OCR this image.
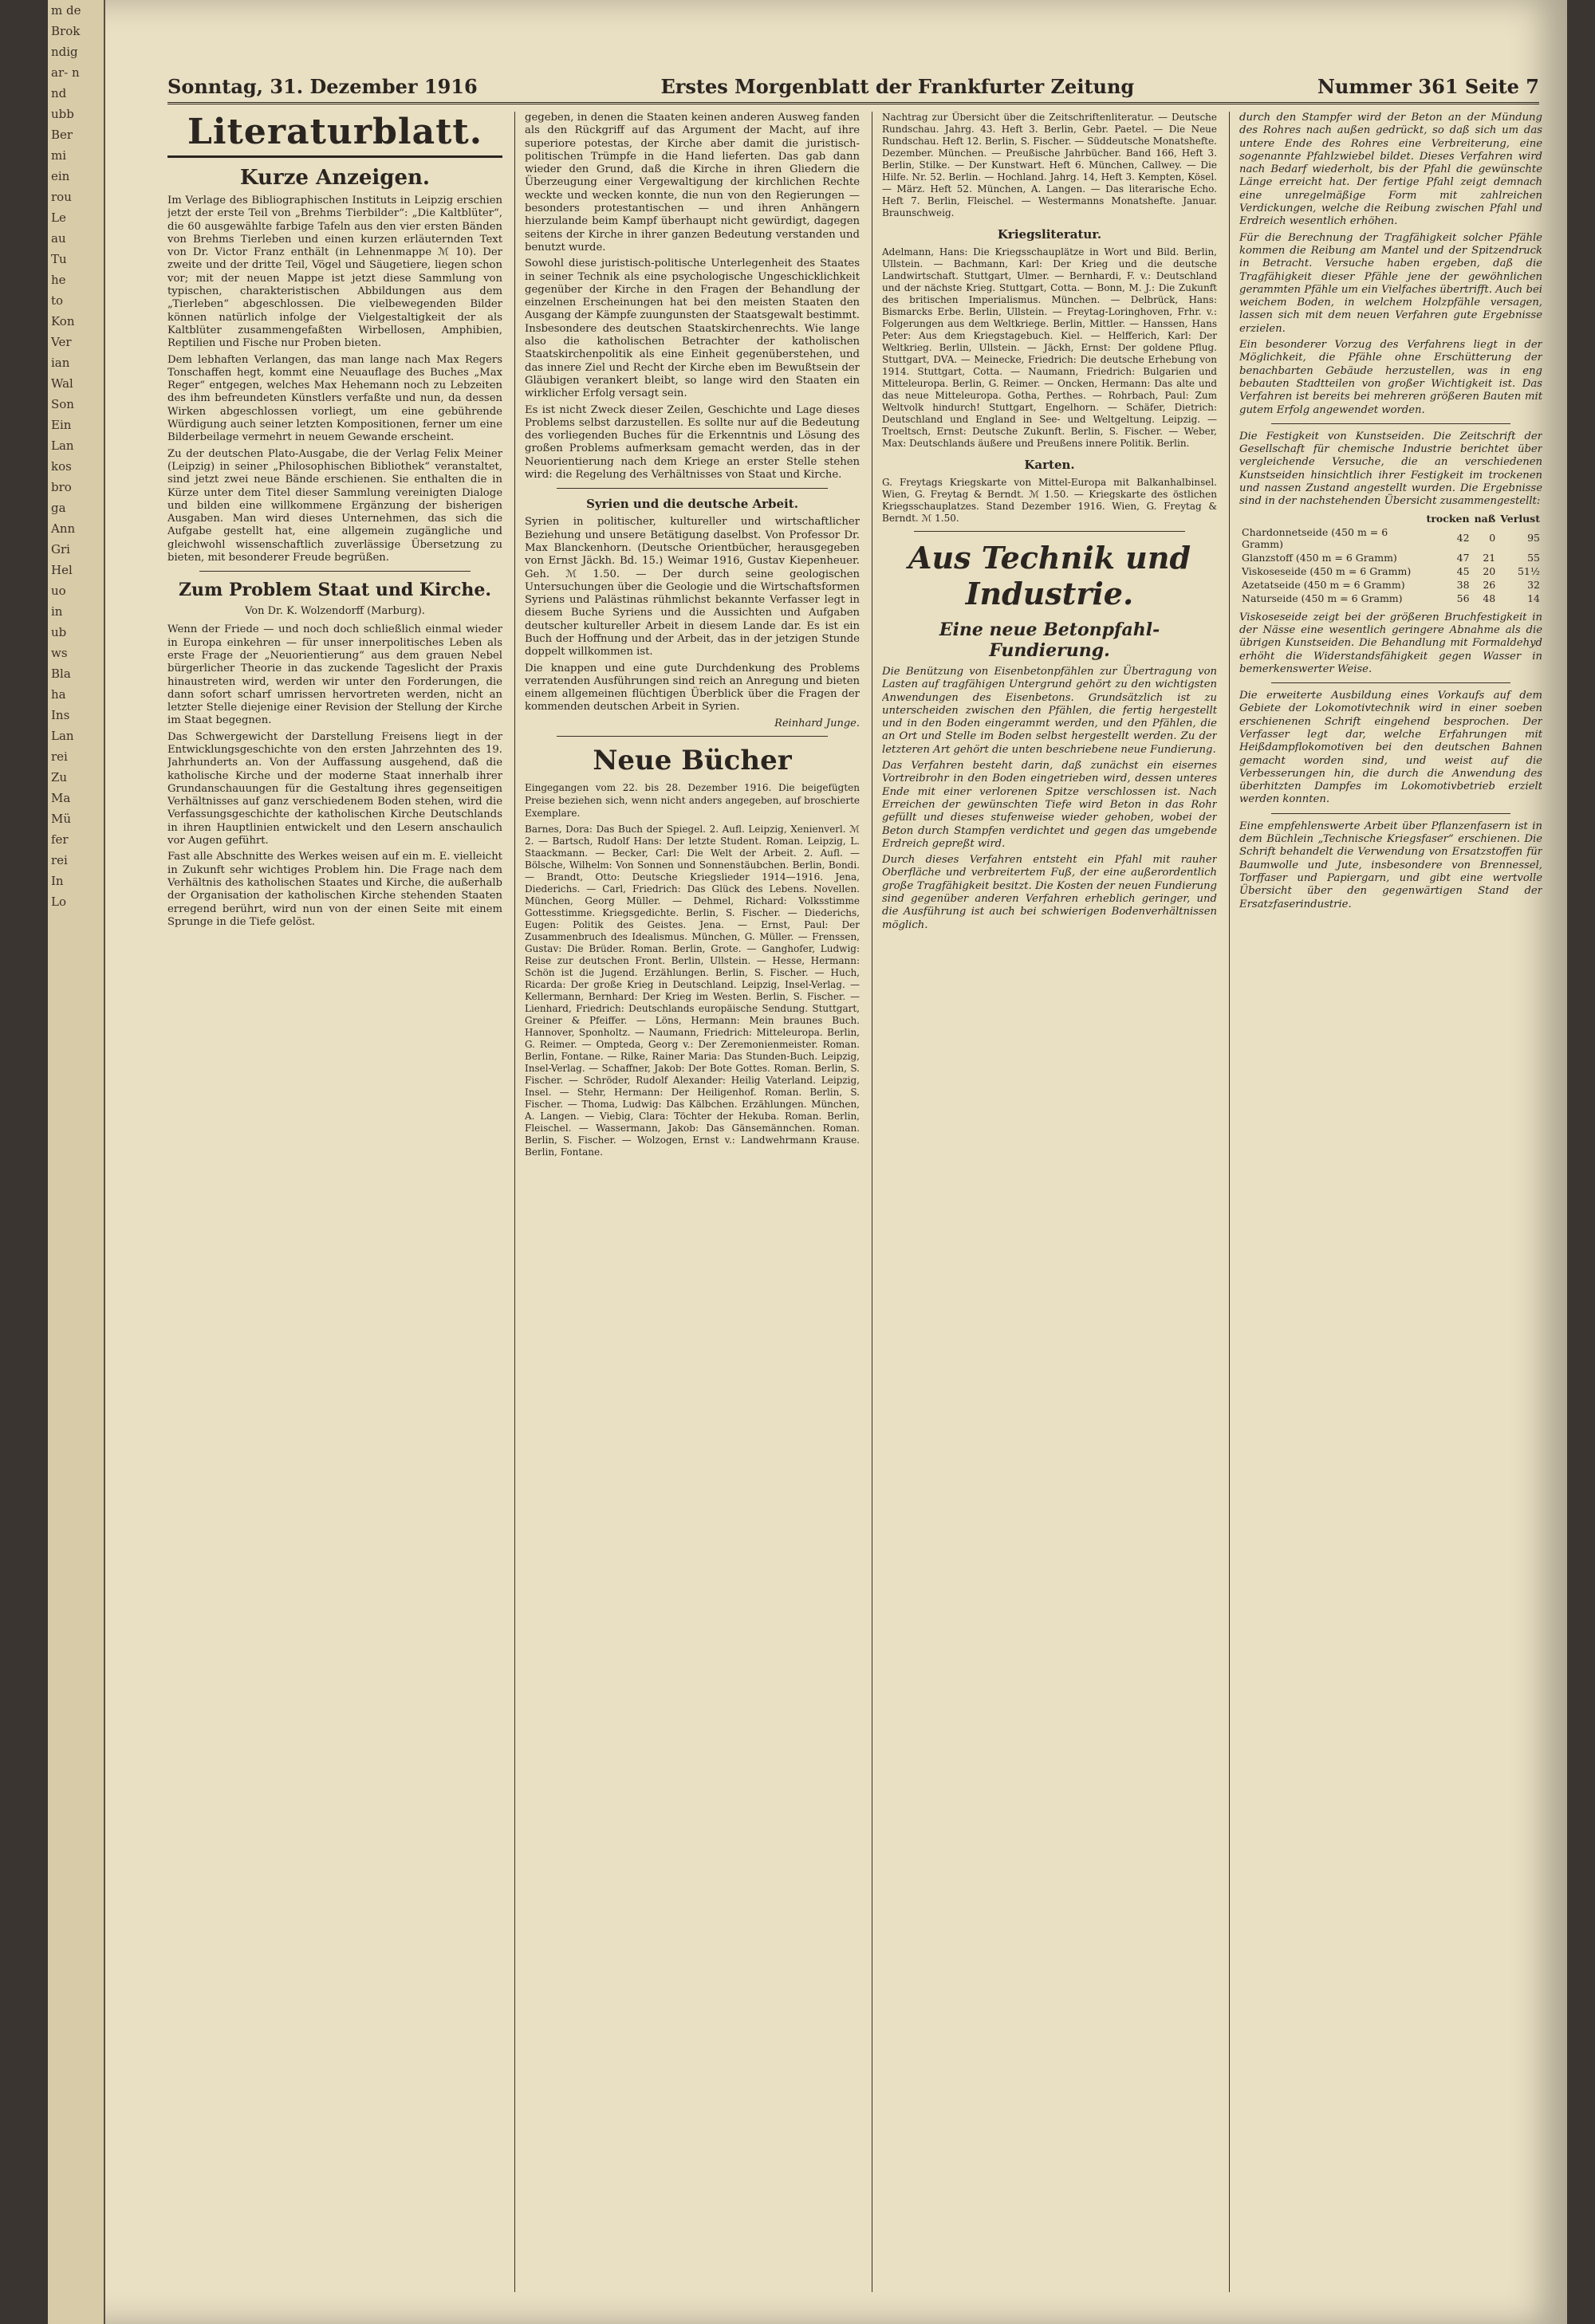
m de
Brok
ndig
ar- n
nd
ubb
Ber
mi
ein
rou
Le
au
Tu
he
to
Kon
Ver
ian
Wal
Son
Ein
Lan
kos
bro
ga
Ann
Gri
Hel
uo
in
ub
ws
Bla
ha
Ins
Lan
rei
Zu
Ma
Mü
fer
rei
In
Lo
Sonntag, 31. Dezember 1916	Erstes Morgenblatt der Frankfurter Zeitung	Nummer 361 Seite 7
Literaturblatt.
Kurze Anzeigen.

Im Verlage des Bibliographischen Instituts in Leipzig erschien jetzt der erste Teil von „Brehms Tierbilder“: „Die Kaltblüter“, die 60 ausgewählte farbige Tafeln aus den vier ersten Bänden von Brehms Tierleben und einen kurzen erläuternden Text von Dr. Victor Franz enthält (in Lehnenmappe ℳ 10). Der zweite und der dritte Teil, Vögel und Säugetiere, liegen schon vor; mit der neuen Mappe ist jetzt diese Sammlung von typischen, charakteristischen Abbildungen aus dem „Tierleben“ abgeschlossen. Die vielbewegenden Bilder können natürlich infolge der Vielgestaltigkeit der als Kaltblüter zusammengefaßten Wirbellosen, Amphibien, Reptilien und Fische nur Proben bieten.

Dem lebhaften Verlangen, das man lange nach Max Regers Tonschaffen hegt, kommt eine Neuauflage des Buches „Max Reger“ entgegen, welches Max Hehemann noch zu Lebzeiten des ihm befreundeten Künstlers verfaßte und nun, da dessen Wirken abgeschlossen vorliegt, um eine gebührende Würdigung auch seiner letzten Kompositionen, ferner um eine Bilderbeilage vermehrt in neuem Gewande erscheint.

Zu der deutschen Plato-Ausgabe, die der Verlag Felix Meiner (Leipzig) in seiner „Philosophischen Bibliothek“ veranstaltet, sind jetzt zwei neue Bände erschienen. Sie enthalten die in Kürze unter dem Titel dieser Sammlung vereinigten Dialoge und bilden eine willkommene Ergänzung der bisherigen Ausgaben. Man wird dieses Unternehmen, das sich die Aufgabe gestellt hat, eine allgemein zugängliche und gleichwohl wissenschaftlich zuverlässige Übersetzung zu bieten, mit besonderer Freude begrüßen.

Zum Problem Staat und Kirche.
Von Dr. K. Wolzendorff (Marburg).

Wenn der Friede — und noch doch schließlich einmal wieder in Europa einkehren — für unser innerpolitisches Leben als erste Frage der „Neuorientierung“ aus dem grauen Nebel bürgerlicher Theorie in das zuckende Tageslicht der Praxis hinaustreten wird, werden wir unter den Forderungen, die dann sofort scharf umrissen hervortreten werden, nicht an letzter Stelle diejenige einer Revision der Stellung der Kirche im Staat begegnen.

Das Schwergewicht der Darstellung Freisens liegt in der Entwicklungsgeschichte von den ersten Jahrzehnten des 19. Jahrhunderts an. Von der Auffassung ausgehend, daß die katholische Kirche und der moderne Staat innerhalb ihrer Grundanschauungen für die Gestaltung ihres gegenseitigen Verhältnisses auf ganz verschiedenem Boden stehen, wird die Verfassungsgeschichte der katholischen Kirche Deutschlands in ihren Hauptlinien entwickelt und den Lesern anschaulich vor Augen geführt.

Fast alle Abschnitte des Werkes weisen auf ein m. E. vielleicht in Zukunft sehr wichtiges Problem hin. Die Frage nach dem Verhältnis des katholischen Staates und Kirche, die außerhalb der Organisation der katholischen Kirche stehenden Staaten erregend berührt, wird nun von der einen Seite mit einem Sprunge in die Tiefe gelöst.

gegeben, in denen die Staaten keinen anderen Ausweg fanden als den Rückgriff auf das Argument der Macht, auf ihre superiore potestas, der Kirche aber damit die juristisch-politischen Trümpfe in die Hand lieferten. Das gab dann wieder den Grund, daß die Kirche in ihren Gliedern die Überzeugung einer Vergewaltigung der kirchlichen Rechte weckte und wecken konnte, die nun von den Regierungen — besonders protestantischen — und ihren Anhängern hierzulande beim Kampf überhaupt nicht gewürdigt, dagegen seitens der Kirche in ihrer ganzen Bedeutung verstanden und benutzt wurde.

Sowohl diese juristisch-politische Unterlegenheit des Staates in seiner Technik als eine psychologische Ungeschicklichkeit gegenüber der Kirche in den Fragen der Behandlung der einzelnen Erscheinungen hat bei den meisten Staaten den Ausgang der Kämpfe zuungunsten der Staatsgewalt bestimmt. Insbesondere des deutschen Staatskirchenrechts. Wie lange also die katholischen Betrachter der katholischen Staatskirchenpolitik als eine Einheit gegenüberstehen, und das innere Ziel und Recht der Kirche eben im Bewußtsein der Gläubigen verankert bleibt, so lange wird den Staaten ein wirklicher Erfolg versagt sein.

Es ist nicht Zweck dieser Zeilen, Geschichte und Lage dieses Problems selbst darzustellen. Es sollte nur auf die Bedeutung des vorliegenden Buches für die Erkenntnis und Lösung des großen Problems aufmerksam gemacht werden, das in der Neuorientierung nach dem Kriege an erster Stelle stehen wird: die Regelung des Verhältnisses von Staat und Kirche.

Syrien und die deutsche Arbeit.

Syrien in politischer, kultureller und wirtschaftlicher Beziehung und unsere Betätigung daselbst. Von Professor Dr. Max Blanckenhorn. (Deutsche Orientbücher, herausgegeben von Ernst Jäckh. Bd. 15.) Weimar 1916, Gustav Kiepenheuer. Geh. ℳ 1.50. — Der durch seine geologischen Untersuchungen über die Geologie und die Wirtschaftsformen Syriens und Palästinas rühmlichst bekannte Verfasser legt in diesem Buche Syriens und die Aussichten und Aufgaben deutscher kultureller Arbeit in diesem Lande dar. Es ist ein Buch der Hoffnung und der Arbeit, das in der jetzigen Stunde doppelt willkommen ist.

Die knappen und eine gute Durchdenkung des Problems verratenden Ausführungen sind reich an Anregung und bieten einem allgemeinen flüchtigen Überblick über die Fragen der kommenden deutschen Arbeit in Syrien.

Reinhard Junge.
Neue Bücher

Eingegangen vom 22. bis 28. Dezember 1916. Die beigefügten Preise beziehen sich, wenn nicht anders angegeben, auf broschierte Exemplare.

Barnes, Dora: Das Buch der Spiegel. 2. Aufl. Leipzig, Xenienverl. ℳ 2. — Bartsch, Rudolf Hans: Der letzte Student. Roman. Leipzig, L. Staackmann. — Becker, Carl: Die Welt der Arbeit. 2. Aufl. — Bölsche, Wilhelm: Von Sonnen und Sonnenstäubchen. Berlin, Bondi. — Brandt, Otto: Deutsche Kriegslieder 1914—1916. Jena, Diederichs. — Carl, Friedrich: Das Glück des Lebens. Novellen. München, Georg Müller. — Dehmel, Richard: Volksstimme Gottesstimme. Kriegsgedichte. Berlin, S. Fischer. — Diederichs, Eugen: Politik des Geistes. Jena. — Ernst, Paul: Der Zusammenbruch des Idealismus. München, G. Müller. — Frenssen, Gustav: Die Brüder. Roman. Berlin, Grote. — Ganghofer, Ludwig: Reise zur deutschen Front. Berlin, Ullstein. — Hesse, Hermann: Schön ist die Jugend. Erzählungen. Berlin, S. Fischer. — Huch, Ricarda: Der große Krieg in Deutschland. Leipzig, Insel-Verlag. — Kellermann, Bernhard: Der Krieg im Westen. Berlin, S. Fischer. — Lienhard, Friedrich: Deutschlands europäische Sendung. Stuttgart, Greiner & Pfeiffer. — Löns, Hermann: Mein braunes Buch. Hannover, Sponholtz. — Naumann, Friedrich: Mitteleuropa. Berlin, G. Reimer. — Ompteda, Georg v.: Der Zeremonienmeister. Roman. Berlin, Fontane. — Rilke, Rainer Maria: Das Stunden-Buch. Leipzig, Insel-Verlag. — Schaffner, Jakob: Der Bote Gottes. Roman. Berlin, S. Fischer. — Schröder, Rudolf Alexander: Heilig Vaterland. Leipzig, Insel. — Stehr, Hermann: Der Heiligenhof. Roman. Berlin, S. Fischer. — Thoma, Ludwig: Das Kälbchen. Erzählungen. München, A. Langen. — Viebig, Clara: Töchter der Hekuba. Roman. Berlin, Fleischel. — Wassermann, Jakob: Das Gänsemännchen. Roman. Berlin, S. Fischer. — Wolzogen, Ernst v.: Landwehrmann Krause. Berlin, Fontane.

Nachtrag zur Übersicht über die Zeitschriftenliteratur. — Deutsche Rundschau. Jahrg. 43. Heft 3. Berlin, Gebr. Paetel. — Die Neue Rundschau. Heft 12. Berlin, S. Fischer. — Süddeutsche Monatshefte. Dezember. München. — Preußische Jahrbücher. Band 166, Heft 3. Berlin, Stilke. — Der Kunstwart. Heft 6. München, Callwey. — Die Hilfe. Nr. 52. Berlin. — Hochland. Jahrg. 14, Heft 3. Kempten, Kösel. — März. Heft 52. München, A. Langen. — Das literarische Echo. Heft 7. Berlin, Fleischel. — Westermanns Monatshefte. Januar. Braunschweig.

Kriegsliteratur.

Adelmann, Hans: Die Kriegsschauplätze in Wort und Bild. Berlin, Ullstein. — Bachmann, Karl: Der Krieg und die deutsche Landwirtschaft. Stuttgart, Ulmer. — Bernhardi, F. v.: Deutschland und der nächste Krieg. Stuttgart, Cotta. — Bonn, M. J.: Die Zukunft des britischen Imperialismus. München. — Delbrück, Hans: Bismarcks Erbe. Berlin, Ullstein. — Freytag-Loringhoven, Frhr. v.: Folgerungen aus dem Weltkriege. Berlin, Mittler. — Hanssen, Hans Peter: Aus dem Kriegstagebuch. Kiel. — Helfferich, Karl: Der Weltkrieg. Berlin, Ullstein. — Jäckh, Ernst: Der goldene Pflug. Stuttgart, DVA. — Meinecke, Friedrich: Die deutsche Erhebung von 1914. Stuttgart, Cotta. — Naumann, Friedrich: Bulgarien und Mitteleuropa. Berlin, G. Reimer. — Oncken, Hermann: Das alte und das neue Mitteleuropa. Gotha, Perthes. — Rohrbach, Paul: Zum Weltvolk hindurch! Stuttgart, Engelhorn. — Schäfer, Dietrich: Deutschland und England in See- und Weltgeltung. Leipzig. — Troeltsch, Ernst: Deutsche Zukunft. Berlin, S. Fischer. — Weber, Max: Deutschlands äußere und Preußens innere Politik. Berlin.

Karten.

G. Freytags Kriegskarte von Mittel-Europa mit Balkanhalbinsel. Wien, G. Freytag & Berndt. ℳ 1.50. — Kriegskarte des östlichen Kriegsschauplatzes. Stand Dezember 1916. Wien, G. Freytag & Berndt. ℳ 1.50.

Aus Technik und Industrie.
Eine neue Betonpfahl-Fundierung.

Die Benützung von Eisenbetonpfählen zur Übertragung von Lasten auf tragfähigen Untergrund gehört zu den wichtigsten Anwendungen des Eisenbetons. Grundsätzlich ist zu unterscheiden zwischen den Pfählen, die fertig hergestellt und in den Boden eingerammt werden, und den Pfählen, die an Ort und Stelle im Boden selbst hergestellt werden. Zu der letzteren Art gehört die unten beschriebene neue Fundierung.

Das Verfahren besteht darin, daß zunächst ein eisernes Vortreibrohr in den Boden eingetrieben wird, dessen unteres Ende mit einer verlorenen Spitze verschlossen ist. Nach Erreichen der gewünschten Tiefe wird Beton in das Rohr gefüllt und dieses stufenweise wieder gehoben, wobei der Beton durch Stampfen verdichtet und gegen das umgebende Erdreich gepreßt wird.

Durch dieses Verfahren entsteht ein Pfahl mit rauher Oberfläche und verbreitertem Fuß, der eine außerordentlich große Tragfähigkeit besitzt. Die Kosten der neuen Fundierung sind gegenüber anderen Verfahren erheblich geringer, und die Ausführung ist auch bei schwierigen Bodenverhältnissen möglich.

durch den Stampfer wird der Beton an der Mündung des Rohres nach außen gedrückt, so daß sich um das untere Ende des Rohres eine Verbreiterung, eine sogenannte Pfahlzwiebel bildet. Dieses Verfahren wird nach Bedarf wiederholt, bis der Pfahl die gewünschte Länge erreicht hat. Der fertige Pfahl zeigt demnach eine unregelmäßige Form mit zahlreichen Verdickungen, welche die Reibung zwischen Pfahl und Erdreich wesentlich erhöhen.

Für die Berechnung der Tragfähigkeit solcher Pfähle kommen die Reibung am Mantel und der Spitzendruck in Betracht. Versuche haben ergeben, daß die Tragfähigkeit dieser Pfähle jene der gewöhnlichen gerammten Pfähle um ein Vielfaches übertrifft. Auch bei weichem Boden, in welchem Holzpfähle versagen, lassen sich mit dem neuen Verfahren gute Ergebnisse erzielen.

Ein besonderer Vorzug des Verfahrens liegt in der Möglichkeit, die Pfähle ohne Erschütterung der benachbarten Gebäude herzustellen, was in eng bebauten Stadtteilen von großer Wichtigkeit ist. Das Verfahren ist bereits bei mehreren größeren Bauten mit gutem Erfolg angewendet worden.

Die Festigkeit von Kunstseiden. Die Zeitschrift der Gesellschaft für chemische Industrie berichtet über vergleichende Versuche, die an verschiedenen Kunstseiden hinsichtlich ihrer Festigkeit im trockenen und nassen Zustand angestellt wurden. Die Ergebnisse sind in der nachstehenden Übersicht zusammengestellt:

	trocken	naß	Verlust
Chardonnetseide (450 m = 6 Gramm)	42	0	95
Glanzstoff (450 m = 6 Gramm)	47	21	55
Viskoseseide (450 m = 6 Gramm)	45	20	51½
Azetatseide (450 m = 6 Gramm)	38	26	32
Naturseide (450 m = 6 Gramm)	56	48	14

Viskoseseide zeigt bei der größeren Bruchfestigkeit in der Nässe eine wesentlich geringere Abnahme als die übrigen Kunstseiden. Die Behandlung mit Formaldehyd erhöht die Widerstandsfähigkeit gegen Wasser in bemerkenswerter Weise.

Die erweiterte Ausbildung eines Vorkaufs auf dem Gebiete der Lokomotivtechnik wird in einer soeben erschienenen Schrift eingehend besprochen. Der Verfasser legt dar, welche Erfahrungen mit Heißdampflokomotiven bei den deutschen Bahnen gemacht worden sind, und weist auf die Verbesserungen hin, die durch die Anwendung des überhitzten Dampfes im Lokomotivbetrieb erzielt werden konnten.

Eine empfehlenswerte Arbeit über Pflanzenfasern ist in dem Büchlein „Technische Kriegsfaser“ erschienen. Die Schrift behandelt die Verwendung von Ersatzstoffen für Baumwolle und Jute, insbesondere von Brennessel, Torffaser und Papiergarn, und gibt eine wertvolle Übersicht über den gegenwärtigen Stand der Ersatzfaserindustrie.
